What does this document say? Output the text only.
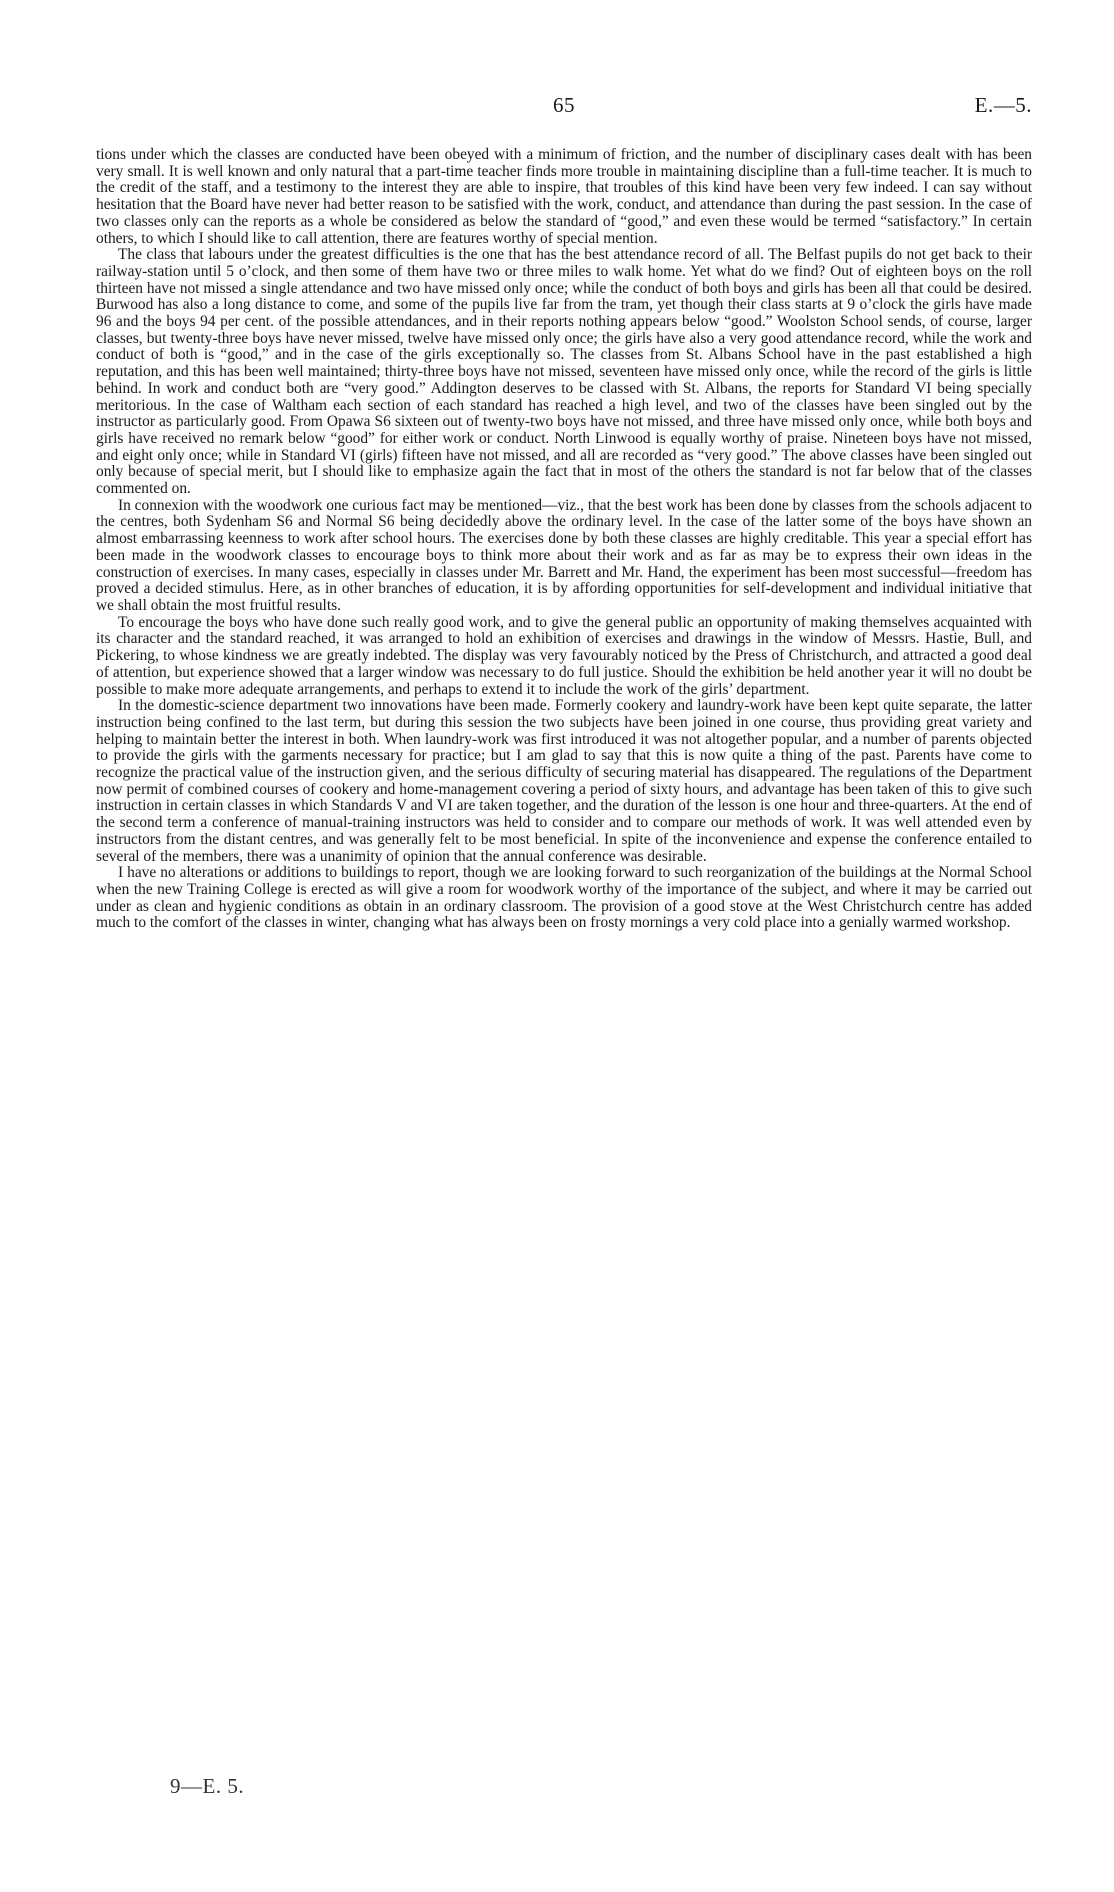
65	E.—5.

tions under which the classes are conducted have been obeyed with a minimum of friction, and the number of disciplinary cases dealt with has been very small. It is well known and only natural that a part-time teacher finds more trouble in maintaining discipline than a full-time teacher. It is much to the credit of the staff, and a testimony to the interest they are able to inspire, that troubles of this kind have been very few indeed. I can say without hesitation that the Board have never had better reason to be satisfied with the work, conduct, and attendance than during the past session. In the case of two classes only can the reports as a whole be considered as below the standard of “good,” and even these would be termed “satisfactory.” In certain others, to which I should like to call attention, there are features worthy of special mention.

The class that labours under the greatest difficulties is the one that has the best attendance record of all. The Belfast pupils do not get back to their railway-station until 5 o’clock, and then some of them have two or three miles to walk home. Yet what do we find? Out of eighteen boys on the roll thirteen have not missed a single attendance and two have missed only once; while the conduct of both boys and girls has been all that could be desired. Burwood has also a long distance to come, and some of the pupils live far from the tram, yet though their class starts at 9 o’clock the girls have made 96 and the boys 94 per cent. of the possible attendances, and in their reports nothing appears below “good.” Woolston School sends, of course, larger classes, but twenty-three boys have never missed, twelve have missed only once; the girls have also a very good attendance record, while the work and conduct of both is “good,” and in the case of the girls exceptionally so. The classes from St. Albans School have in the past established a high reputation, and this has been well maintained; thirty-three boys have not missed, seventeen have missed only once, while the record of the girls is little behind. In work and conduct both are “very good.” Addington deserves to be classed with St. Albans, the reports for Standard VI being specially meritorious. In the case of Waltham each section of each standard has reached a high level, and two of the classes have been singled out by the instructor as particularly good. From Opawa S6 sixteen out of twenty-two boys have not missed, and three have missed only once, while both boys and girls have received no remark below “good” for either work or conduct. North Linwood is equally worthy of praise. Nineteen boys have not missed, and eight only once; while in Standard VI (girls) fifteen have not missed, and all are recorded as “very good.” The above classes have been singled out only because of special merit, but I should like to emphasize again the fact that in most of the others the standard is not far below that of the classes commented on.

In connexion with the woodwork one curious fact may be mentioned—viz., that the best work has been done by classes from the schools adjacent to the centres, both Sydenham S6 and Normal S6 being decidedly above the ordinary level. In the case of the latter some of the boys have shown an almost embarrassing keenness to work after school hours. The exercises done by both these classes are highly creditable. This year a special effort has been made in the woodwork classes to encourage boys to think more about their work and as far as may be to express their own ideas in the construction of exercises. In many cases, especially in classes under Mr. Barrett and Mr. Hand, the experiment has been most successful—freedom has proved a decided stimulus. Here, as in other branches of education, it is by affording opportunities for self-development and individual initiative that we shall obtain the most fruitful results.

To encourage the boys who have done such really good work, and to give the general public an opportunity of making themselves acquainted with its character and the standard reached, it was arranged to hold an exhibition of exercises and drawings in the window of Messrs. Hastie, Bull, and Pickering, to whose kindness we are greatly indebted. The display was very favourably noticed by the Press of Christchurch, and attracted a good deal of attention, but experience showed that a larger window was necessary to do full justice. Should the exhibition be held another year it will no doubt be possible to make more adequate arrangements, and perhaps to extend it to include the work of the girls’ department.

In the domestic-science department two innovations have been made. Formerly cookery and laundry-work have been kept quite separate, the latter instruction being confined to the last term, but during this session the two subjects have been joined in one course, thus providing great variety and helping to maintain better the interest in both. When laundry-work was first introduced it was not altogether popular, and a number of parents objected to provide the girls with the garments necessary for practice; but I am glad to say that this is now quite a thing of the past. Parents have come to recognize the practical value of the instruction given, and the serious difficulty of securing material has disappeared. The regulations of the Department now permit of combined courses of cookery and home-management covering a period of sixty hours, and advantage has been taken of this to give such instruction in certain classes in which Standards V and VI are taken together, and the duration of the lesson is one hour and three-quarters. At the end of the second term a conference of manual-training instructors was held to consider and to compare our methods of work. It was well attended even by instructors from the distant centres, and was generally felt to be most beneficial. In spite of the inconvenience and expense the conference entailed to several of the members, there was a unanimity of opinion that the annual conference was desirable.

I have no alterations or additions to buildings to report, though we are looking forward to such reorganization of the buildings at the Normal School when the new Training College is erected as will give a room for woodwork worthy of the importance of the subject, and where it may be carried out under as clean and hygienic conditions as obtain in an ordinary classroom. The provision of a good stove at the West Christchurch centre has added much to the comfort of the classes in winter, changing what has always been on frosty mornings a very cold place into a genially warmed workshop.

9—E. 5.
